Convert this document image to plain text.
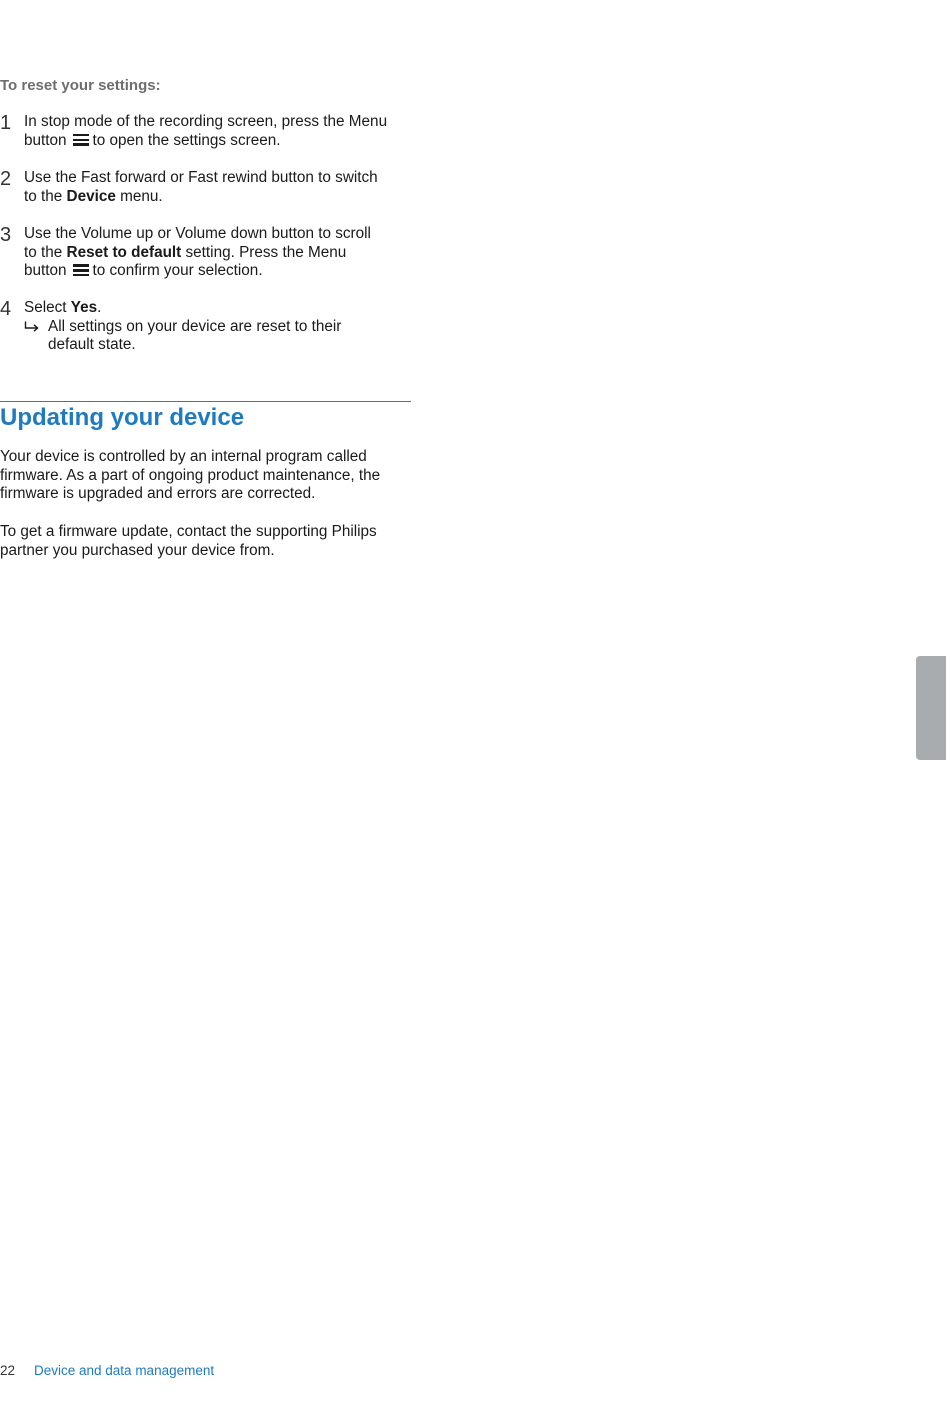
To reset your settings:

1 In stop mode of the recording screen, press the Menu
button to open the settings screen.
2 Use the Fast forward or Fast rewind button to switch
to the Device menu.
3 Use the Volume up or Volume down button to scroll
to the Reset to default setting. Press the Menu
button to confirm your selection.
4 Select Yes.
All settings on your device are reset to their
default state.
Updating your device

Your device is controlled by an internal program called
firmware. As a part of ongoing product maintenance, the
firmware is upgraded and errors are corrected.

To get a firmware update, contact the supporting Philips
partner you purchased your device from.

22 Device and data management
